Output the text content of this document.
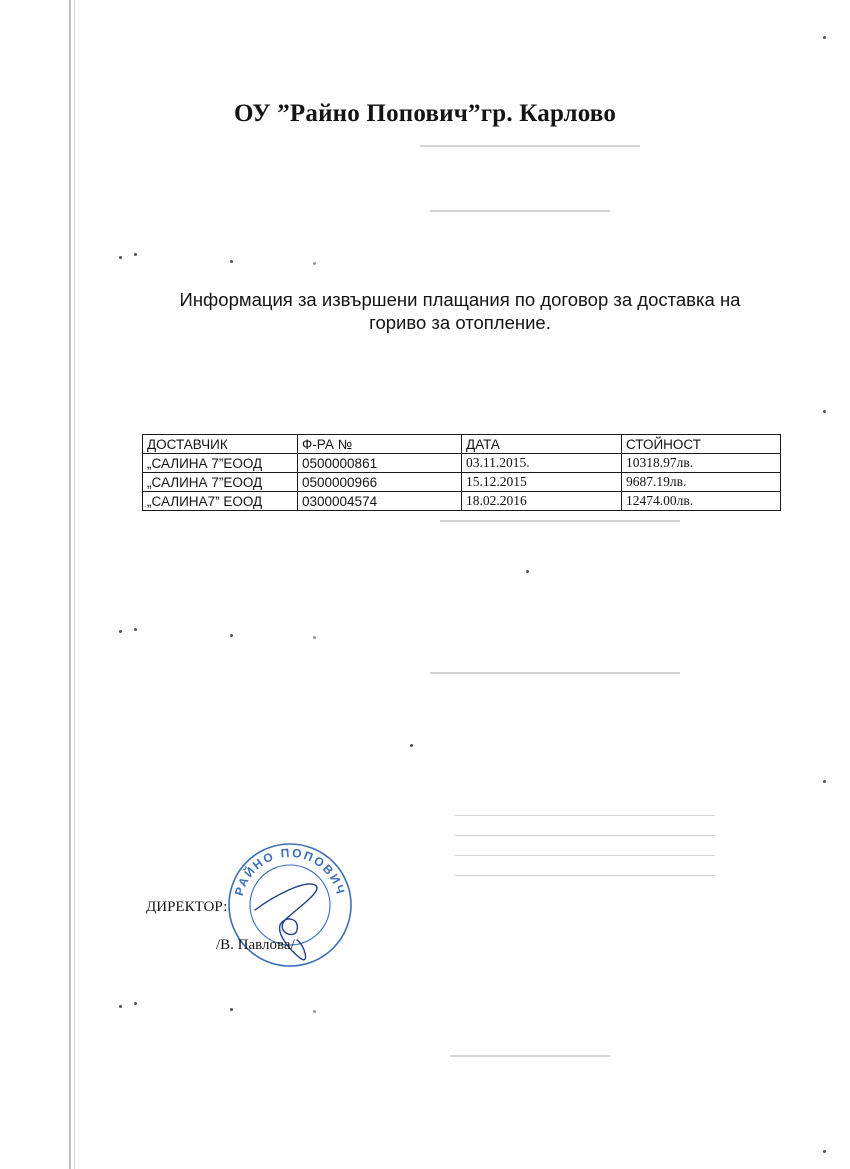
ОУ ”Райно Попович”гр. Карлово
Информация за извършени плащания по договор за доставка на
гориво за отопление.
ДОСТАВЧИК	Ф-РА №	ДАТА	СТОЙНОСТ
„САЛИНА 7”ЕООД	0500000861	03.11.2015.	10318.97лв.
„САЛИНА 7”ЕООД	0500000966	15.12.2015	9687.19лв.
„САЛИНА7” ЕООД	0300004574	18.02.2016	12474.00лв.
РАЙНО ПОПОВИЧ
ДИРЕКТОР:
/В. Павлова/
